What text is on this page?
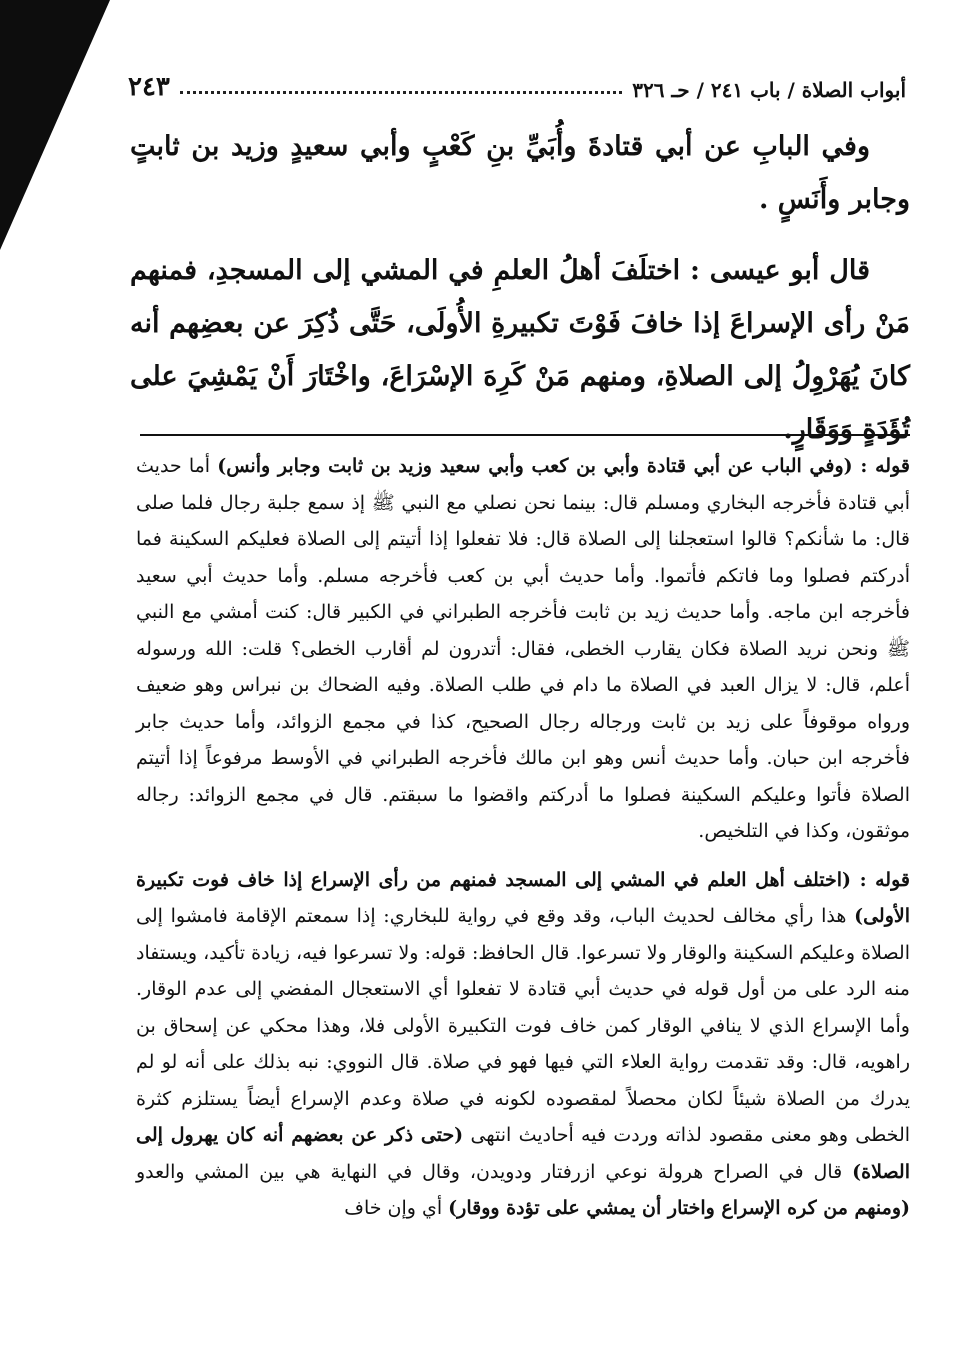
أبواب الصلاة / باب ٢٤١ / حـ ٣٢٦
٢٤٣

وفي البابِ عن أبي قتادةَ وأُبَيِّ بنِ كَعْبٍ وأبي سعيدٍ وزيد بن ثابتٍ وجابر وأَنَسٍ .

قال أبو عيسى : اختلَفَ أهلُ العلمِ في المشي إلى المسجدِ، فمنهم مَنْ رأى الإسراعَ إذا خافَ فَوْتَ تكبيرةِ الأُولَى، حَتَّى ذُكِرَ عن بعضِهم أنه كانَ يُهَرْوِلُ إلى الصلاةِ، ومنهم مَنْ كَرِهَ الإسْرَاعَ، واخْتَارَ أَنْ يَمْشِيَ على تُؤَدَةٍ وَوَقَارٍ.

قوله : (وفي الباب عن أبي قتادة وأبي بن كعب وأبي سعيد وزيد بن ثابت وجابر وأنس) أما حديث أبي قتادة فأخرجه البخاري ومسلم قال: بينما نحن نصلي مع النبي ﷺ إذ سمع جلبة رجال فلما صلى قال: ما شأنكم؟ قالوا استعجلنا إلى الصلاة قال: فلا تفعلوا إذا أتيتم إلى الصلاة فعليكم السكينة فما أدركتم فصلوا وما فاتكم فأتموا. وأما حديث أبي بن كعب فأخرجه مسلم. وأما حديث أبي سعيد فأخرجه ابن ماجه. وأما حديث زيد بن ثابت فأخرجه الطبراني في الكبير قال: كنت أمشي مع النبي ﷺ ونحن نريد الصلاة فكان يقارب الخطى، فقال: أتدرون لم أقارب الخطى؟ قلت: الله ورسوله أعلم، قال: لا يزال العبد في الصلاة ما دام في طلب الصلاة. وفيه الضحاك بن نبراس وهو ضعيف ورواه موقوفاً على زيد بن ثابت ورجاله رجال الصحيح، كذا في مجمع الزوائد، وأما حديث جابر فأخرجه ابن حبان. وأما حديث أنس وهو ابن مالك فأخرجه الطبراني في الأوسط مرفوعاً إذا أتيتم الصلاة فأتوا وعليكم السكينة فصلوا ما أدركتم واقضوا ما سبقتم. قال في مجمع الزوائد: رجاله موثقون، وكذا في التلخيص.

قوله : (اختلف أهل العلم في المشي إلى المسجد فمنهم من رأى الإسراع إذا خاف فوت تكبيرة الأولى) هذا رأي مخالف لحديث الباب، وقد وقع في رواية للبخاري: إذا سمعتم الإقامة فامشوا إلى الصلاة وعليكم السكينة والوقار ولا تسرعوا. قال الحافظ: قوله: ولا تسرعوا فيه، زيادة تأكيد، ويستفاد منه الرد على من أول قوله في حديث أبي قتادة لا تفعلوا أي الاستعجال المفضي إلى عدم الوقار. وأما الإسراع الذي لا ينافي الوقار كمن خاف فوت التكبيرة الأولى فلا، وهذا محكي عن إسحاق بن راهويه، قال: وقد تقدمت رواية العلاء التي فيها فهو في صلاة. قال النووي: نبه بذلك على أنه لو لم يدرك من الصلاة شيئاً لكان محصلاً لمقصوده لكونه في صلاة وعدم الإسراع أيضاً يستلزم كثرة الخطى وهو معنى مقصود لذاته وردت فيه أحاديث انتهى (حتى ذكر عن بعضهم أنه كان يهرول إلى الصلاة) قال في الصراح هرولة نوعي ازرفتار ودويدن، وقال في النهاية هي بين المشي والعدو (ومنهم من كره الإسراع واختار أن يمشي على تؤدة ووقار) أي وإن خاف
